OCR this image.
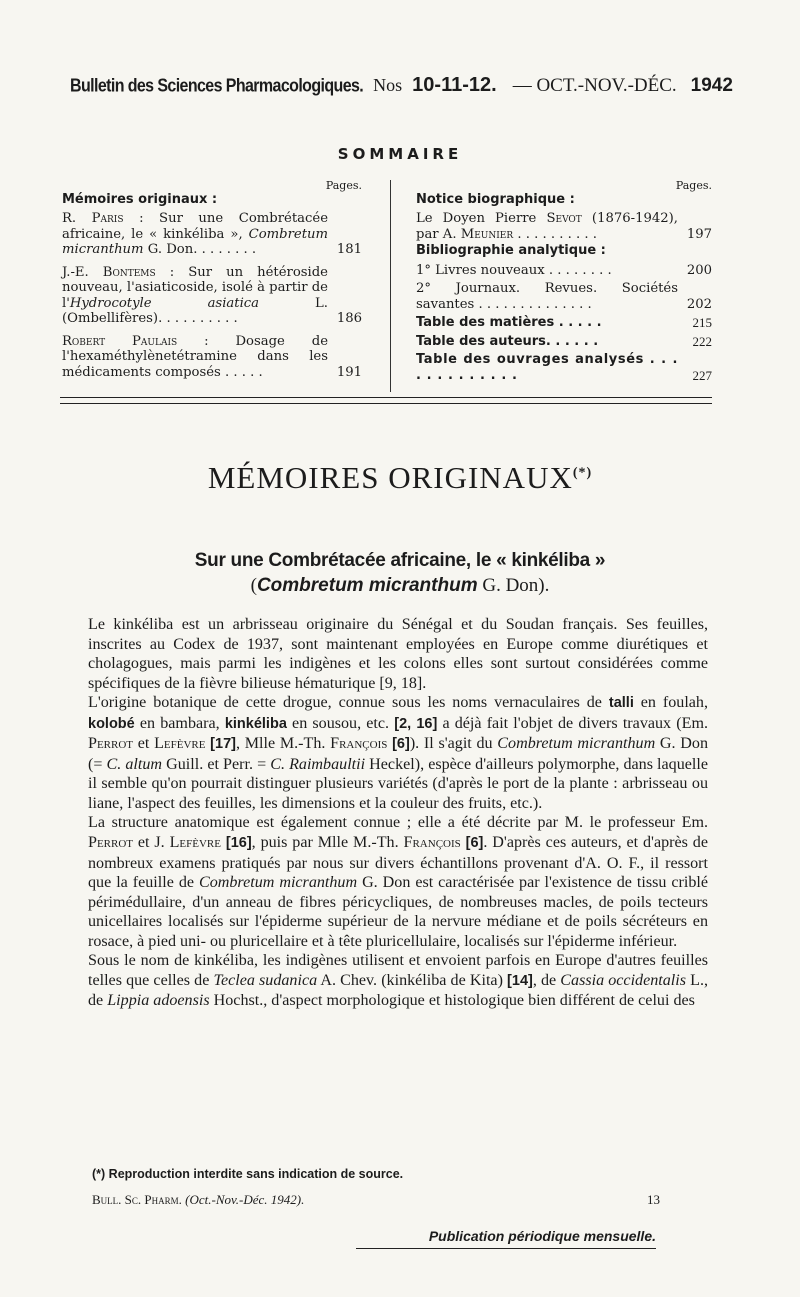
Bulletin des Sciences Pharmacologiques. Nos 10-11-12. — OCT.-NOV.-DÉC. 1942
SOMMAIRE
Pages.
Mémoires originaux :
R. Paris : Sur une Combrétacée africaine, le « kinkéliba », Combretum micranthum G. Don. . . . . . . .	181
J.-E. Bontems : Sur un hétéroside nouveau, l'asiaticoside, isolé à partir de l'Hydrocotyle asiatica L. (Ombellifères). . . . . . . . . .	186
Robert Paulais : Dosage de l'hexaméthylènetétramine dans les médicaments composés . . . . .	191
Pages.
Notice biographique :
Le Doyen Pierre Sevot (1876-1942), par A. Meunier . . . . . . . . . .	197
Bibliographie analytique :
1° Livres nouveaux . . . . . . . .	200
2° Journaux. Revues. Sociétés savantes . . . . . . . . . . . . . .	202
Table des matières . . . . .	215
Table des auteurs. . . . . .	222
Table des ouvrages analysés . . . . . . . . . . . . .	227
MÉMOIRES ORIGINAUX(*)
Sur une Combrétacée africaine, le « kinkéliba »
(Combretum micranthum G. Don).

Le kinkéliba est un arbrisseau originaire du Sénégal et du Soudan français. Ses feuilles, inscrites au Codex de 1937, sont maintenant employées en Europe comme diurétiques et cholagogues, mais parmi les indigènes et les colons elles sont surtout considérées comme spécifiques de la fièvre bilieuse hématurique [9, 18].

L'origine botanique de cette drogue, connue sous les noms vernaculaires de talli en foulah, kolobé en bambara, kinkéliba en sousou, etc. [2, 16] a déjà fait l'objet de divers travaux (Em. Perrot et Lefèvre [17], Mlle M.-Th. François [6]). Il s'agit du Combretum micranthum G. Don (= C. altum Guill. et Perr. = C. Raimbaultii Heckel), espèce d'ailleurs polymorphe, dans laquelle il semble qu'on pourrait distinguer plusieurs variétés (d'après le port de la plante : arbrisseau ou liane, l'aspect des feuilles, les dimensions et la couleur des fruits, etc.).

La structure anatomique est également connue ; elle a été décrite par M. le professeur Em. Perrot et J. Lefèvre [16], puis par Mlle M.-Th. François [6]. D'après ces auteurs, et d'après de nombreux examens pratiqués par nous sur divers échantillons provenant d'A. O. F., il ressort que la feuille de Combretum micranthum G. Don est caractérisée par l'existence de tissu criblé périmédullaire, d'un anneau de fibres péricycliques, de nombreuses macles, de poils tecteurs unicellaires localisés sur l'épiderme supérieur de la nervure médiane et de poils sécréteurs en rosace, à pied uni- ou pluricellaire et à tête pluricellulaire, localisés sur l'épiderme inférieur.

Sous le nom de kinkéliba, les indigènes utilisent et envoient parfois en Europe d'autres feuilles telles que celles de Teclea sudanica A. Chev. (kinkéliba de Kita) [14], de Cassia occidentalis L., de Lippia adoensis Hochst., d'aspect morphologique et histologique bien différent de celui des

(*) Reproduction interdite sans indication de source.
Bull. Sc. Pharm. (Oct.-Nov.-Déc. 1942).	13
Publication périodique mensuelle.
